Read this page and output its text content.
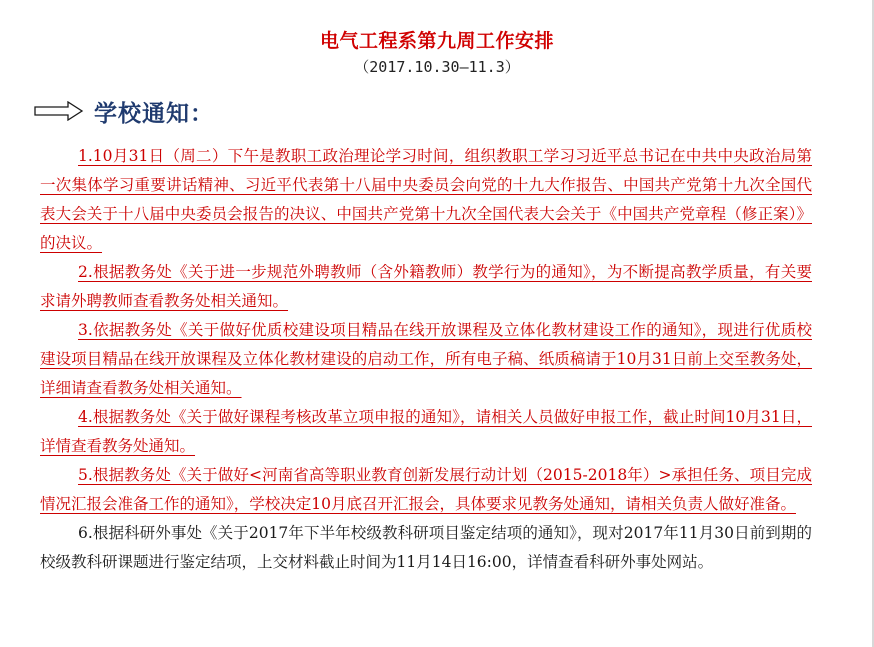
电气工程系第九周工作安排
（2017.10.30—11.3）
学校通知：

1.10月31日（周二）下午是教职工政治理论学习时间，组织教职工学习习近平总书记在中共中央政治局第一次集体学习重要讲话精神、习近平代表第十八届中央委员会向党的十九大作报告、中国共产党第十九次全国代表大会关于十八届中央委员会报告的决议、中国共产党第十九次全国代表大会关于《中国共产党章程（修正案）》的决议。

2.根据教务处《关于进一步规范外聘教师（含外籍教师）教学行为的通知》，为不断提高教学质量，有关要求请外聘教师查看教务处相关通知。

3.依据教务处《关于做好优质校建设项目精品在线开放课程及立体化教材建设工作的通知》，现进行优质校建设项目精品在线开放课程及立体化教材建设的启动工作，所有电子稿、纸质稿请于10月31日前上交至教务处，详细请查看教务处相关通知。

4.根据教务处《关于做好课程考核改革立项申报的通知》，请相关人员做好申报工作，截止时间10月31日，详情查看教务处通知。

5.根据教务处《关于做好<河南省高等职业教育创新发展行动计划（2015-2018年）>承担任务、项目完成情况汇报会准备工作的通知》，学校决定10月底召开汇报会，具体要求见教务处通知，请相关负责人做好准备。

6.根据科研外事处《关于2017年下半年校级教科研项目鉴定结项的通知》，现对2017年11月30日前到期的校级教科研课题进行鉴定结项，上交材料截止时间为11月14日16:00，详情查看科研外事处网站。
